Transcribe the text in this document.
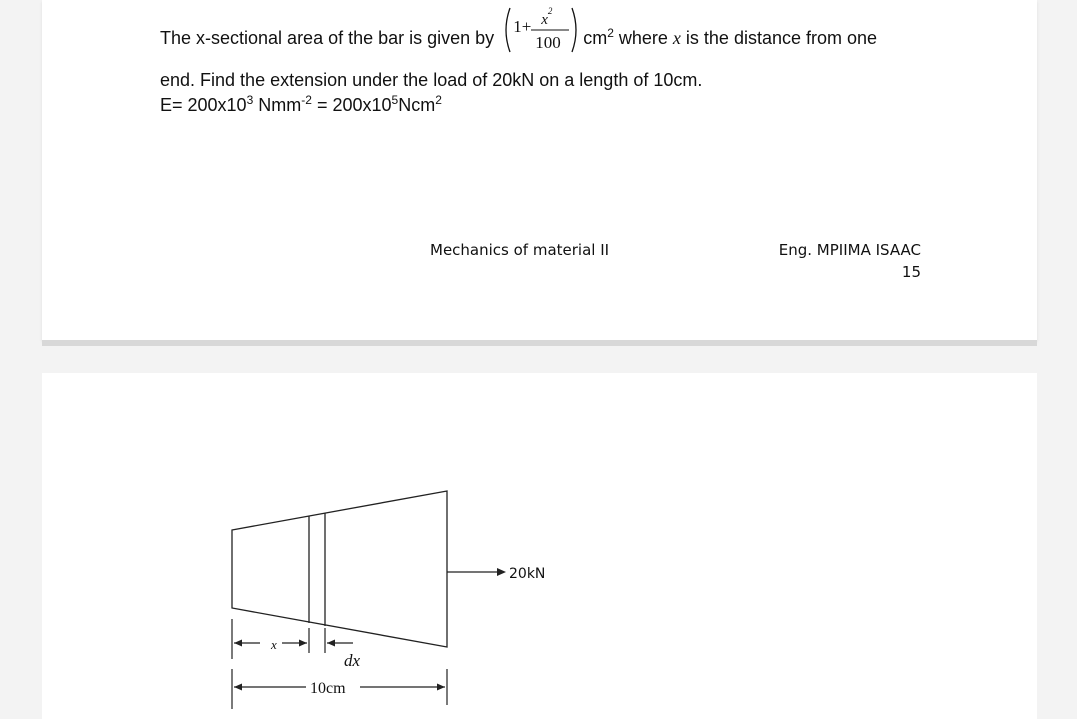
The x-sectional area of the bar is given by
$1+ x^2$
100 $cm^2$ where x is the distance from one
end. Find the extension under the load of 20kN on a length of 10cm.
$E= 200x10^3$ $Nmm^{-2} = 200x10^5Ncm^2$
Mechanics of material II	Eng. MPIIMA ISAAC
15
20kN
x
dx
10cm
